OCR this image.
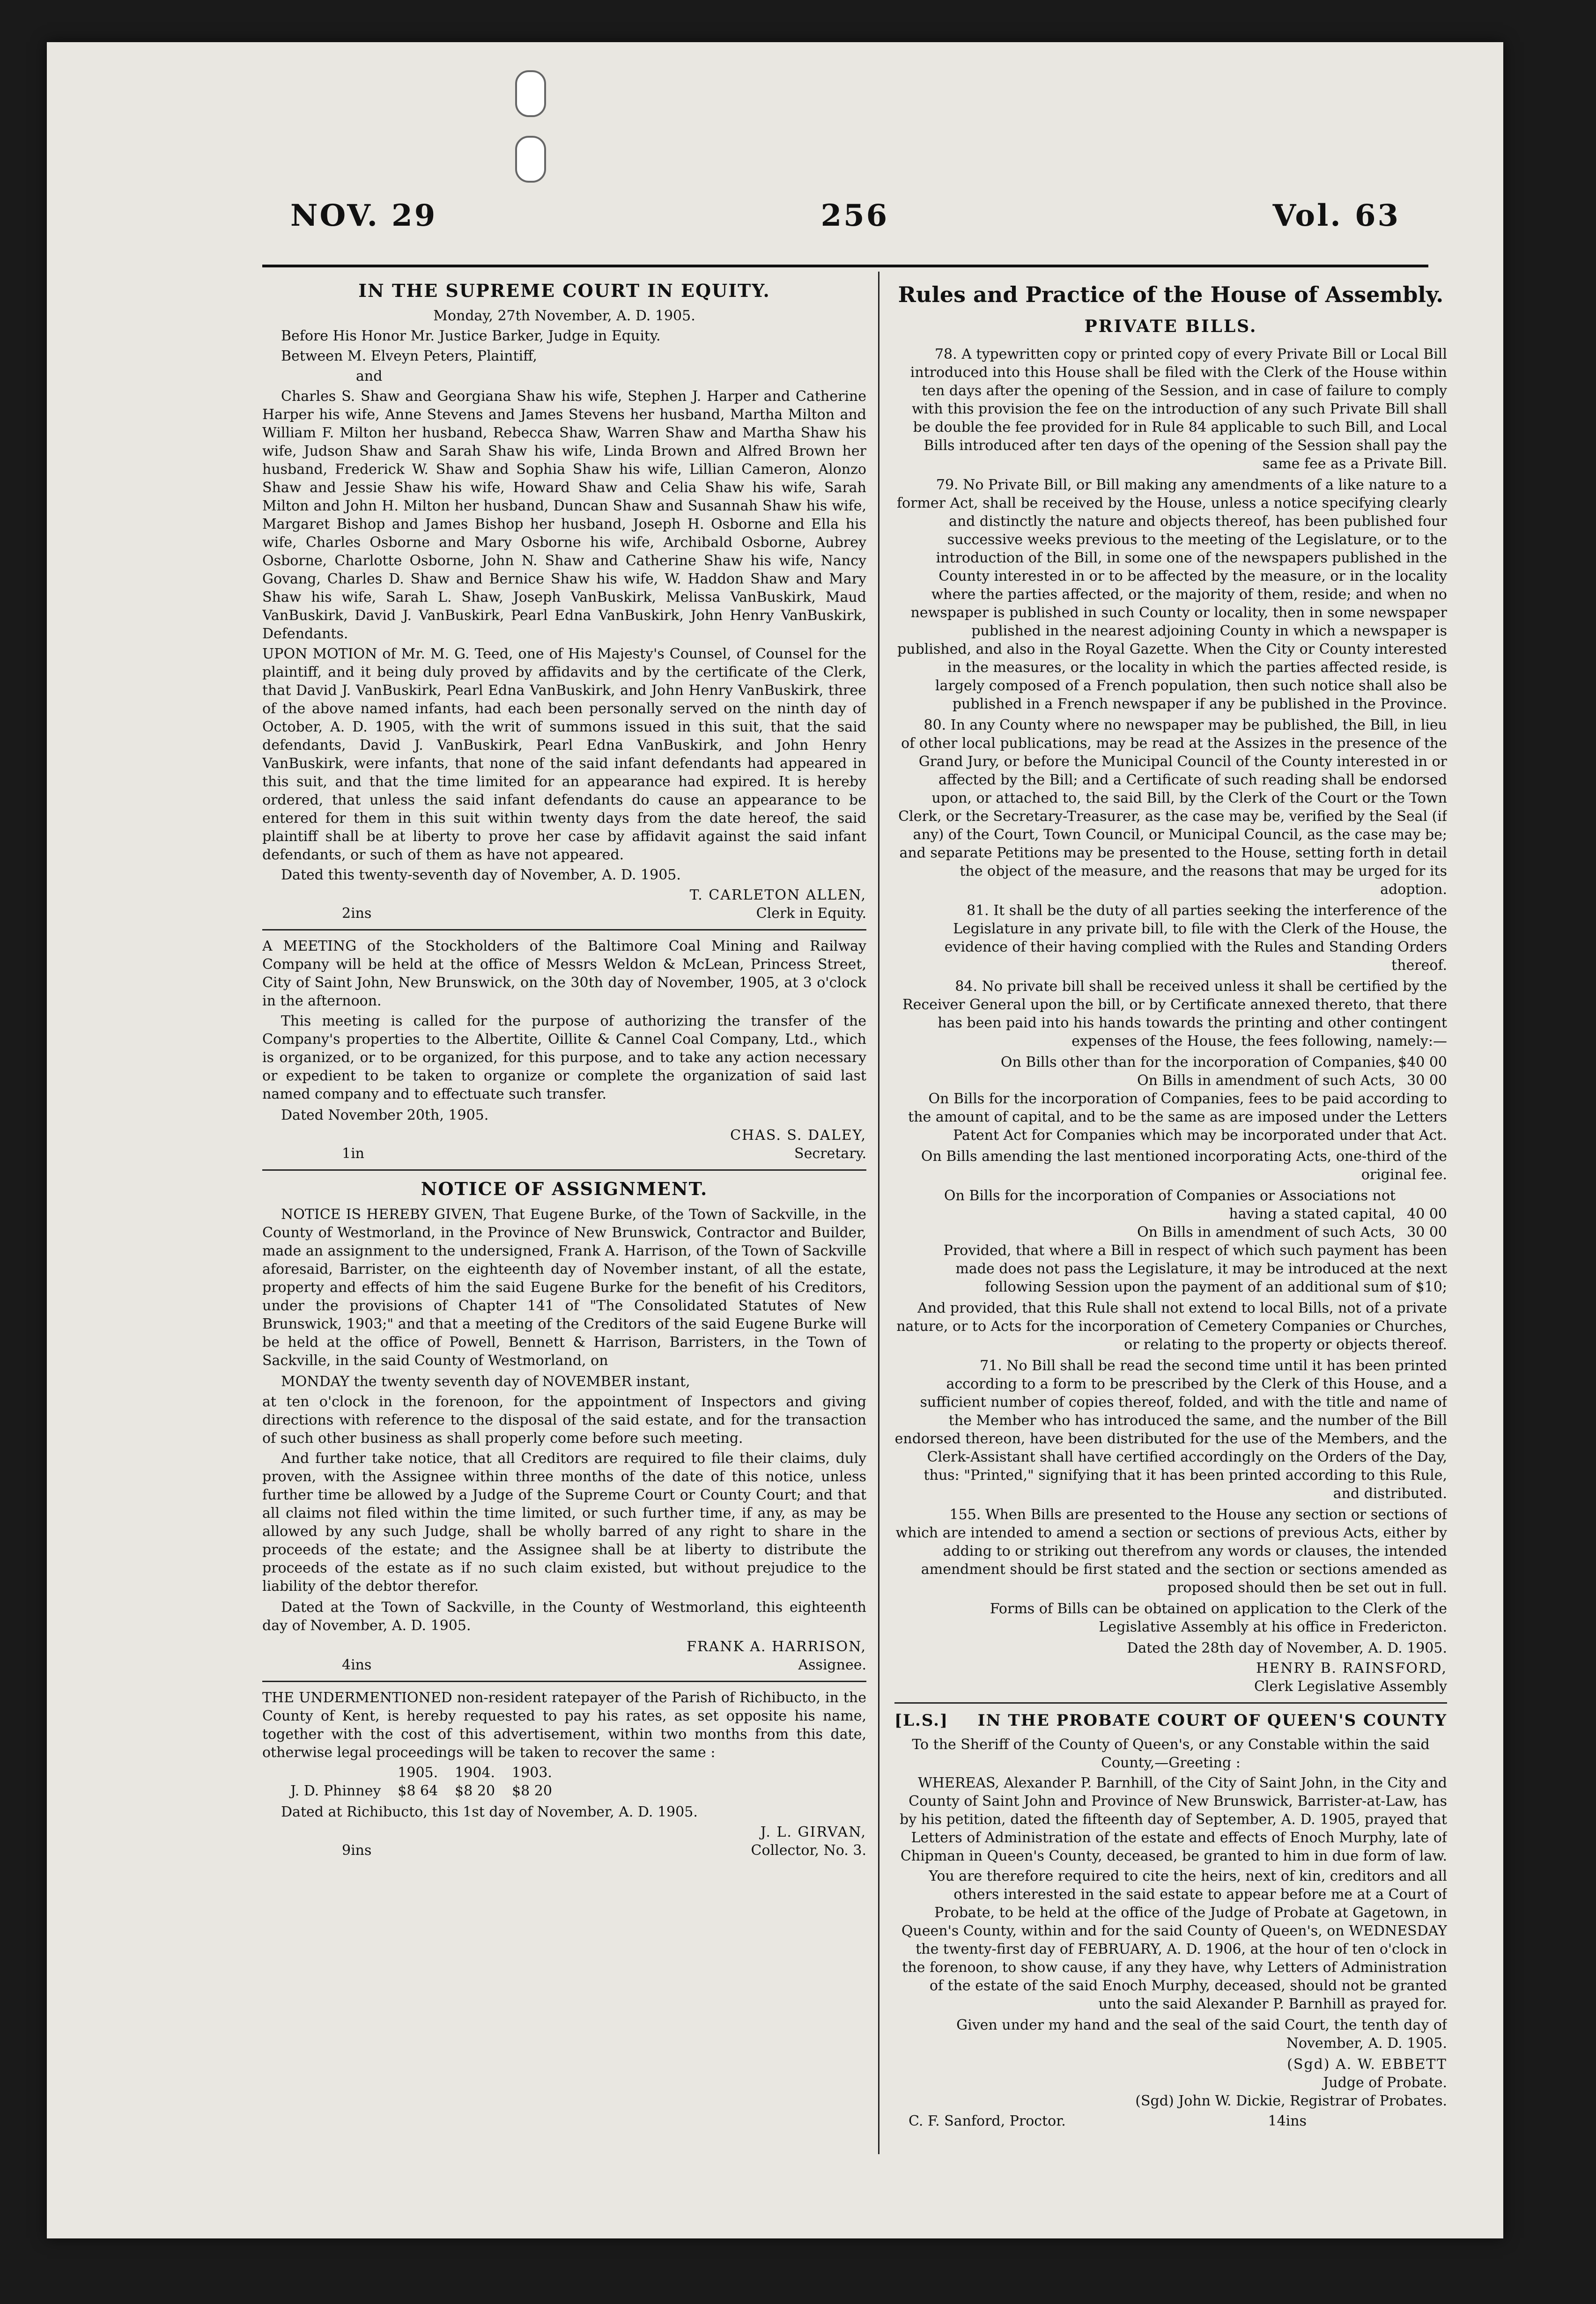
NOV. 29	256	Vol. 63
IN THE SUPREME COURT IN EQUITY.

Monday, 27th November, A. D. 1905.

Before His Honor Mr. Justice Barker, Judge in Equity.

Between M. Elveyn Peters, Plaintiff,

and

Charles S. Shaw and Georgiana Shaw his wife, Stephen J. Harper and Catherine Harper his wife, Anne Stevens and James Stevens her husband, Martha Milton and William F. Milton her husband, Rebecca Shaw, Warren Shaw and Martha Shaw his wife, Judson Shaw and Sarah Shaw his wife, Linda Brown and Alfred Brown her husband, Frederick W. Shaw and Sophia Shaw his wife, Lillian Cameron, Alonzo Shaw and Jessie Shaw his wife, Howard Shaw and Celia Shaw his wife, Sarah Milton and John H. Milton her husband, Duncan Shaw and Susannah Shaw his wife, Margaret Bishop and James Bishop her husband, Joseph H. Osborne and Ella his wife, Charles Osborne and Mary Osborne his wife, Archibald Osborne, Aubrey Osborne, Charlotte Osborne, John N. Shaw and Catherine Shaw his wife, Nancy Govang, Charles D. Shaw and Bernice Shaw his wife, W. Haddon Shaw and Mary Shaw his wife, Sarah L. Shaw, Joseph VanBuskirk, Melissa VanBuskirk, Maud VanBuskirk, David J. VanBuskirk, Pearl Edna VanBuskirk, John Henry VanBuskirk, Defendants.

UPON MOTION of Mr. M. G. Teed, one of His Majesty's Counsel, of Counsel for the plaintiff, and it being duly proved by affidavits and by the certificate of the Clerk, that David J. VanBuskirk, Pearl Edna VanBuskirk, and John Henry VanBuskirk, three of the above named infants, had each been personally served on the ninth day of October, A. D. 1905, with the writ of summons issued in this suit, that the said defendants, David J. VanBuskirk, Pearl Edna VanBuskirk, and John Henry VanBuskirk, were infants, that none of the said infant defendants had appeared in this suit, and that the time limited for an appearance had expired. It is hereby ordered, that unless the said infant defendants do cause an appearance to be entered for them in this suit within twenty days from the date hereof, the said plaintiff shall be at liberty to prove her case by affidavit against the said infant defendants, or such of them as have not appeared.

Dated this twenty-seventh day of November, A. D. 1905.

2ins
T. CARLETON ALLEN,
Clerk in Equity.

A MEETING of the Stockholders of the Baltimore Coal Mining and Railway Company will be held at the office of Messrs Weldon & McLean, Princess Street, City of Saint John, New Brunswick, on the 30th day of November, 1905, at 3 o'clock in the afternoon.

This meeting is called for the purpose of authorizing the transfer of the Company's properties to the Albertite, Oillite & Cannel Coal Company, Ltd., which is organized, or to be organized, for this purpose, and to take any action necessary or expedient to be taken to organize or complete the organization of said last named company and to effectuate such transfer.

Dated November 20th, 1905.

1in
CHAS. S. DALEY,
Secretary.
NOTICE OF ASSIGNMENT.

NOTICE IS HEREBY GIVEN, That Eugene Burke, of the Town of Sackville, in the County of Westmorland, in the Province of New Brunswick, Contractor and Builder, made an assignment to the undersigned, Frank A. Harrison, of the Town of Sackville aforesaid, Barrister, on the eighteenth day of November instant, of all the estate, property and effects of him the said Eugene Burke for the benefit of his Creditors, under the provisions of Chapter 141 of "The Consolidated Statutes of New Brunswick, 1903;" and that a meeting of the Creditors of the said Eugene Burke will be held at the office of Powell, Bennett & Harrison, Barristers, in the Town of Sackville, in the said County of Westmorland, on

MONDAY the twenty seventh day of NOVEMBER instant,

at ten o'clock in the forenoon, for the appointment of Inspectors and giving directions with reference to the disposal of the said estate, and for the transaction of such other business as shall properly come before such meeting.

And further take notice, that all Creditors are required to file their claims, duly proven, with the Assignee within three months of the date of this notice, unless further time be allowed by a Judge of the Supreme Court or County Court; and that all claims not filed within the time limited, or such further time, if any, as may be allowed by any such Judge, shall be wholly barred of any right to share in the proceeds of the estate; and the Assignee shall be at liberty to distribute the proceeds of the estate as if no such claim existed, but without prejudice to the liability of the debtor therefor.

Dated at the Town of Sackville, in the County of Westmorland, this eighteenth day of November, A. D. 1905.

4ins
FRANK A. HARRISON,
Assignee.

THE UNDERMENTIONED non-resident ratepayer of the Parish of Richibucto, in the County of Kent, is hereby requested to pay his rates, as set opposite his name, together with the cost of this advertisement, within two months from this date, otherwise legal proceedings will be taken to recover the same :

	1905.	1904.	1903.
J. D. Phinney	$8 64	$8 20	$8 20

Dated at Richibucto, this 1st day of November, A. D. 1905.

9ins
J. L. GIRVAN,
Collector, No. 3.
Rules and Practice of the House of Assembly.
PRIVATE BILLS.

78. A typewritten copy or printed copy of every Private Bill or Local Bill introduced into this House shall be filed with the Clerk of the House within ten days after the opening of the Session, and in case of failure to comply with this provision the fee on the introduction of any such Private Bill shall be double the fee provided for in Rule 84 applicable to such Bill, and Local Bills introduced after ten days of the opening of the Session shall pay the same fee as a Private Bill.

79. No Private Bill, or Bill making any amendments of a like nature to a former Act, shall be received by the House, unless a notice specifying clearly and distinctly the nature and objects thereof, has been published four successive weeks previous to the meeting of the Legislature, or to the introduction of the Bill, in some one of the newspapers published in the County interested in or to be affected by the measure, or in the locality where the parties affected, or the majority of them, reside; and when no newspaper is published in such County or locality, then in some newspaper published in the nearest adjoining County in which a newspaper is published, and also in the Royal Gazette. When the City or County interested in the measures, or the locality in which the parties affected reside, is largely composed of a French population, then such notice shall also be published in a French newspaper if any be published in the Province.

80. In any County where no newspaper may be published, the Bill, in lieu of other local publications, may be read at the Assizes in the presence of the Grand Jury, or before the Municipal Council of the County interested in or affected by the Bill; and a Certificate of such reading shall be endorsed upon, or attached to, the said Bill, by the Clerk of the Court or the Town Clerk, or the Secretary-Treasurer, as the case may be, verified by the Seal (if any) of the Court, Town Council, or Municipal Council, as the case may be; and separate Petitions may be presented to the House, setting forth in detail the object of the measure, and the reasons that may be urged for its adoption.

81. It shall be the duty of all parties seeking the interference of the Legislature in any private bill, to file with the Clerk of the House, the evidence of their having complied with the Rules and Standing Orders thereof.

84. No private bill shall be received unless it shall be certified by the Receiver General upon the bill, or by Certificate annexed thereto, that there has been paid into his hands towards the printing and other contingent expenses of the House, the fees following, namely:—

On Bills other than for the incorporation of Companies,	$40 00
On Bills in amendment of such Acts,	30 00

On Bills for the incorporation of Companies, fees to be paid according to the amount of capital, and to be the same as are imposed under the Letters Patent Act for Companies which may be incorporated under that Act.

On Bills amending the last mentioned incorporating Acts, one-third of the original fee.

On Bills for the incorporation of Companies or Associations not having a stated capital,	40 00
On Bills in amendment of such Acts,	30 00

Provided, that where a Bill in respect of which such payment has been made does not pass the Legislature, it may be introduced at the next following Session upon the payment of an additional sum of $10;

And provided, that this Rule shall not extend to local Bills, not of a private nature, or to Acts for the incorporation of Cemetery Companies or Churches, or relating to the property or objects thereof.

71. No Bill shall be read the second time until it has been printed according to a form to be prescribed by the Clerk of this House, and a sufficient number of copies thereof, folded, and with the title and name of the Member who has introduced the same, and the number of the Bill endorsed thereon, have been distributed for the use of the Members, and the Clerk-Assistant shall have certified accordingly on the Orders of the Day, thus: "Printed," signifying that it has been printed according to this Rule, and distributed.

155. When Bills are presented to the House any section or sections of which are intended to amend a section or sections of previous Acts, either by adding to or striking out therefrom any words or clauses, the intended amendment should be first stated and the section or sections amended as proposed should then be set out in full.

Forms of Bills can be obtained on application to the Clerk of the Legislative Assembly at his office in Fredericton.

Dated the 28th day of November, A. D. 1905.

HENRY B. RAINSFORD,
Clerk Legislative Assembly
[L.S.] IN THE PROBATE COURT OF QUEEN'S COUNTY

To the Sheriff of the County of Queen's, or any Constable within the said County,—Greeting :

WHEREAS, Alexander P. Barnhill, of the City of Saint John, in the City and County of Saint John and Province of New Brunswick, Barrister-at-Law, has by his petition, dated the fifteenth day of September, A. D. 1905, prayed that Letters of Administration of the estate and effects of Enoch Murphy, late of Chipman in Queen's County, deceased, be granted to him in due form of law.

You are therefore required to cite the heirs, next of kin, creditors and all others interested in the said estate to appear before me at a Court of Probate, to be held at the office of the Judge of Probate at Gagetown, in Queen's County, within and for the said County of Queen's, on WEDNESDAY the twenty-first day of FEBRUARY, A. D. 1906, at the hour of ten o'clock in the forenoon, to show cause, if any they have, why Letters of Administration of the estate of the said Enoch Murphy, deceased, should not be granted unto the said Alexander P. Barnhill as prayed for.

Given under my hand and the seal of the said Court, the tenth day of November, A. D. 1905.

(Sgd) A. W. EBBETT
Judge of Probate.

(Sgd) John W. Dickie, Registrar of Probates.

C. F. Sanford, Proctor.	14ins
